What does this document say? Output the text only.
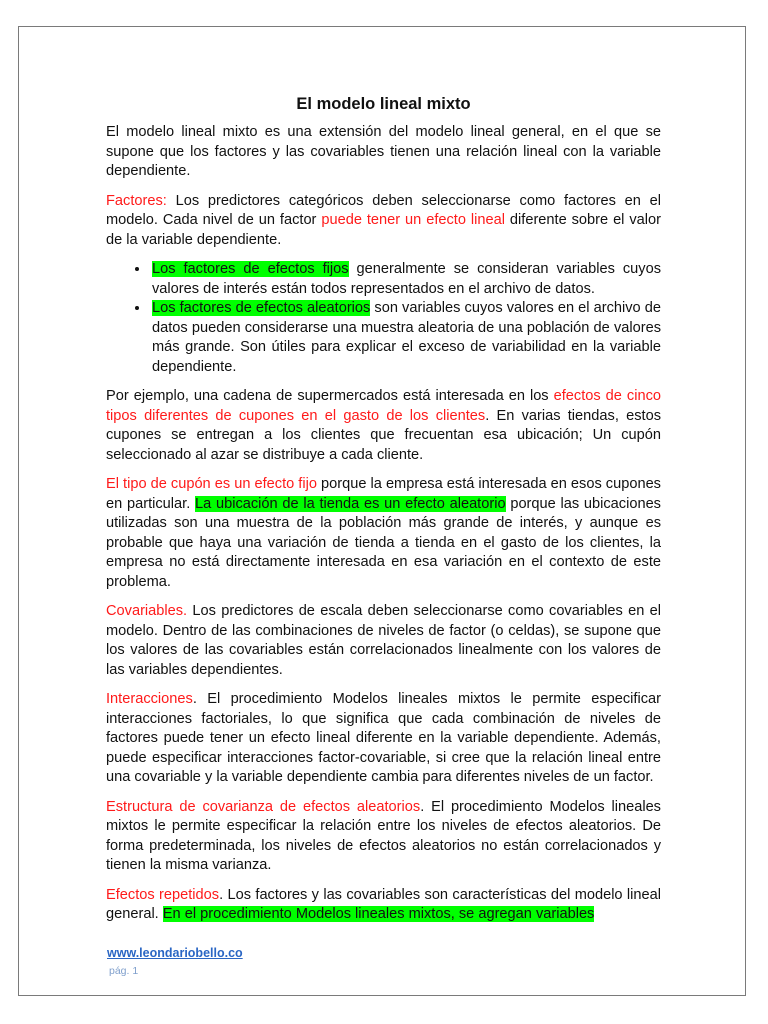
El modelo lineal mixto

El modelo lineal mixto es una extensión del modelo lineal general, en el que se supone que los factores y las covariables tienen una relación lineal con la variable dependiente.

Factores: Los predictores categóricos deben seleccionarse como factores en el modelo. Cada nivel de un factor puede tener un efecto lineal diferente sobre el valor de la variable dependiente.

• Los factores de efectos fijos generalmente se consideran variables cuyos valores de interés están todos representados en el archivo de datos.
• Los factores de efectos aleatorios son variables cuyos valores en el archivo de datos pueden considerarse una muestra aleatoria de una población de valores más grande. Son útiles para explicar el exceso de variabilidad en la variable dependiente.

Por ejemplo, una cadena de supermercados está interesada en los efectos de cinco tipos diferentes de cupones en el gasto de los clientes. En varias tiendas, estos cupones se entregan a los clientes que frecuentan esa ubicación; Un cupón seleccionado al azar se distribuye a cada cliente.

El tipo de cupón es un efecto fijo porque la empresa está interesada en esos cupones en particular. La ubicación de la tienda es un efecto aleatorio porque las ubicaciones utilizadas son una muestra de la población más grande de interés, y aunque es probable que haya una variación de tienda a tienda en el gasto de los clientes, la empresa no está directamente interesada en esa variación en el contexto de este problema.

Covariables. Los predictores de escala deben seleccionarse como covariables en el modelo. Dentro de las combinaciones de niveles de factor (o celdas), se supone que los valores de las covariables están correlacionados linealmente con los valores de las variables dependientes.

Interacciones. El procedimiento Modelos lineales mixtos le permite especificar interacciones factoriales, lo que significa que cada combinación de niveles de factores puede tener un efecto lineal diferente en la variable dependiente. Además, puede especificar interacciones factor-covariable, si cree que la relación lineal entre una covariable y la variable dependiente cambia para diferentes niveles de un factor.

Estructura de covarianza de efectos aleatorios. El procedimiento Modelos lineales mixtos le permite especificar la relación entre los niveles de efectos aleatorios. De forma predeterminada, los niveles de efectos aleatorios no están correlacionados y tienen la misma varianza.

Efectos repetidos. Los factores y las covariables son características del modelo lineal general. En el procedimiento Modelos lineales mixtos, se agregan variables

www.leondariobello.co
pág. 1
